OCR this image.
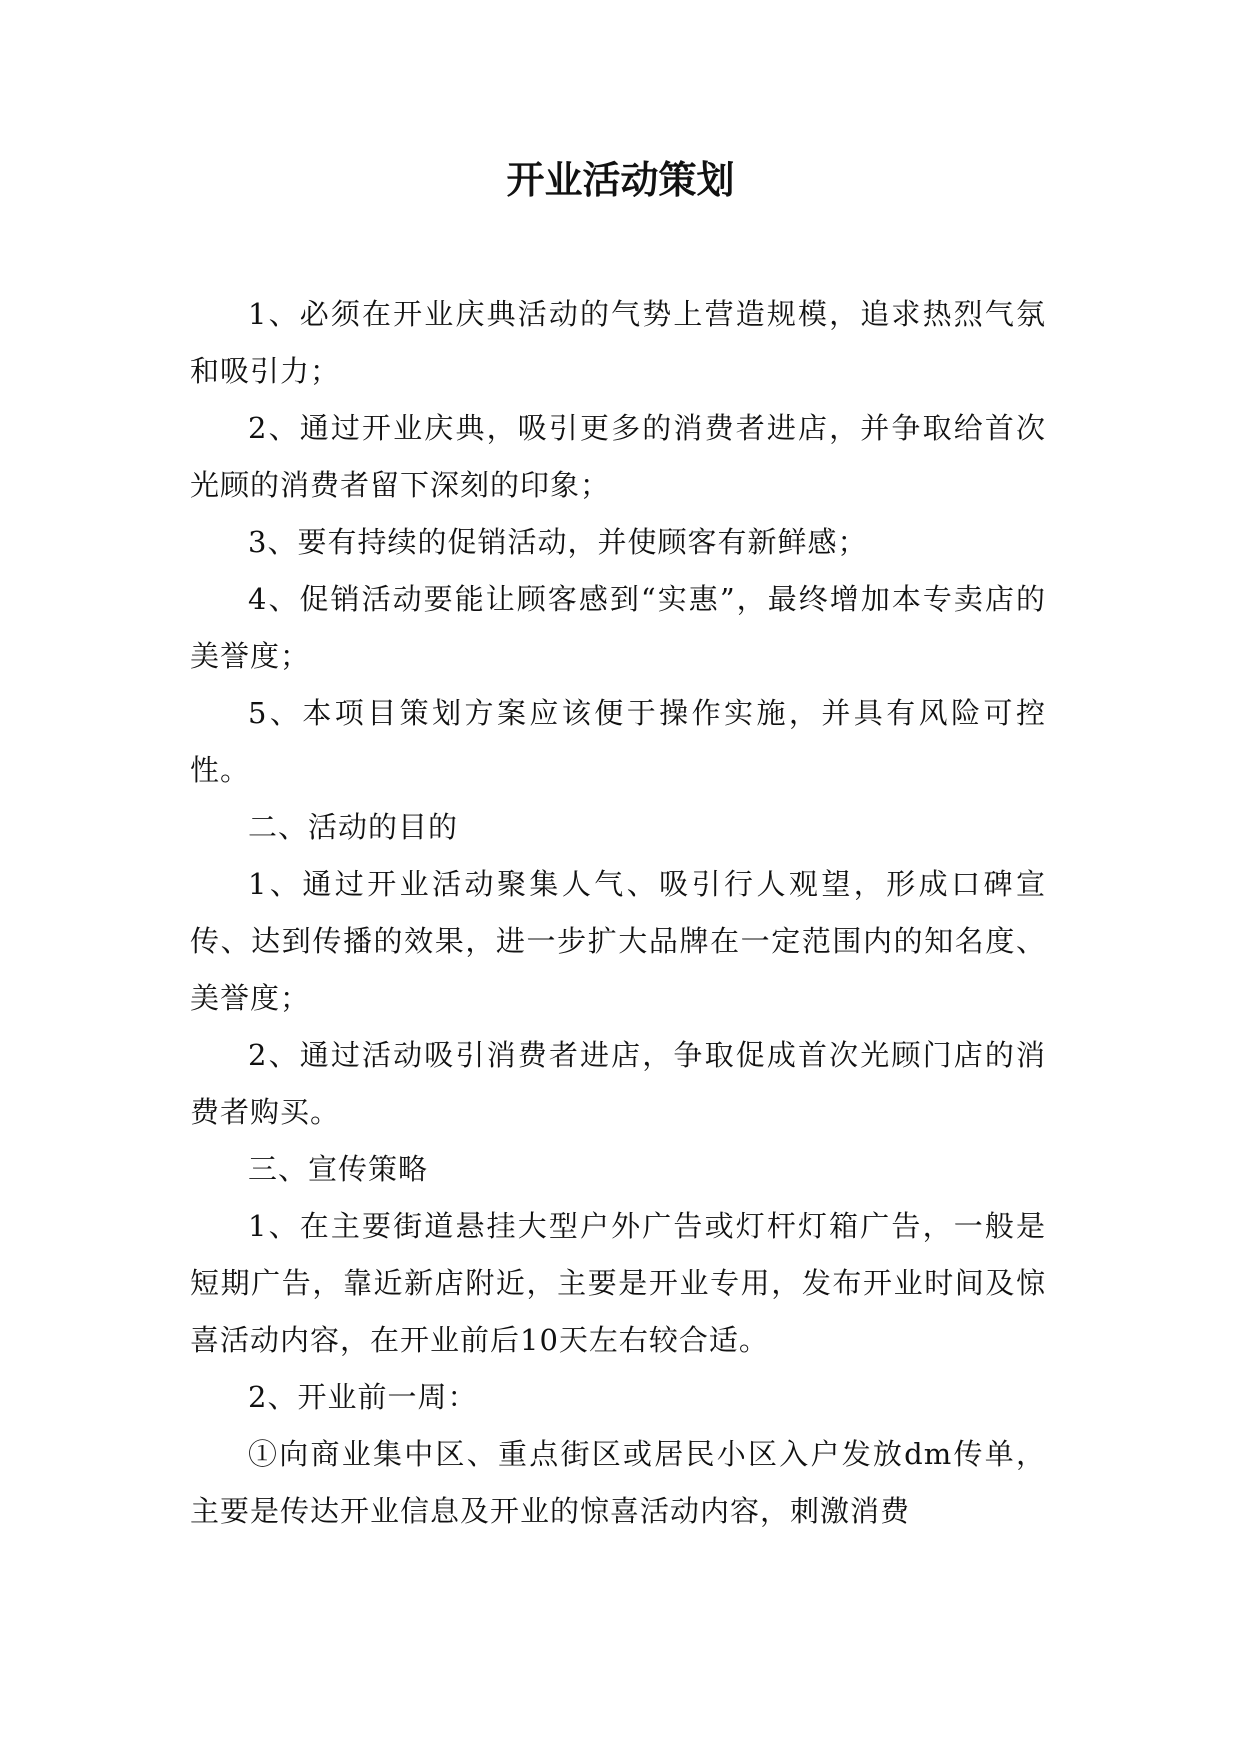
开业活动策划

1、必须在开业庆典活动的气势上营造规模，追求热烈气氛和吸引力；

2、通过开业庆典，吸引更多的消费者进店，并争取给首次光顾的消费者留下深刻的印象；

3、要有持续的促销活动，并使顾客有新鲜感；

4、促销活动要能让顾客感到“实惠”，最终增加本专卖店的美誉度；

5、本项目策划方案应该便于操作实施，并具有风险可控性。

二、活动的目的

1、通过开业活动聚集人气、吸引行人观望，形成口碑宣传、达到传播的效果，进一步扩大品牌在一定范围内的知名度、美誉度；

2、通过活动吸引消费者进店，争取促成首次光顾门店的消费者购买。

三、宣传策略

1、在主要街道悬挂大型户外广告或灯杆灯箱广告，一般是短期广告，靠近新店附近，主要是开业专用，发布开业时间及惊喜活动内容，在开业前后10天左右较合适。

2、开业前一周：

①向商业集中区、重点街区或居民小区入户发放dm传单，主要是传达开业信息及开业的惊喜活动内容，刺激消费
